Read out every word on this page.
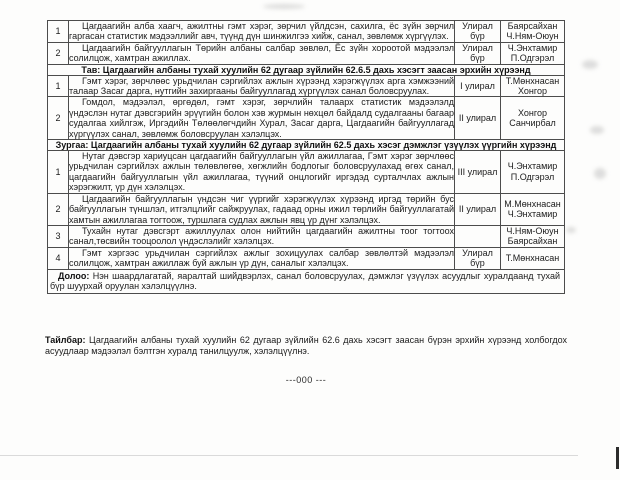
1	Цагдаагийн алба хаагч, ажилтны гэмт хэрэг, зөрчил үйлдсэн, сахилга, ёс зүйн зөрчил гаргасан статистик мэдээллийг авч, түүнд дүн шинжилгээ хийж, санал, зөвлөмж хүргүүлэх.	Улирал бүр	Баярсайхан Ч.Ням-Оюун
2	Цагдаагийн байгууллагын Төрийн албаны салбар зөвлөл, Ёс зүйн хороотой мэдээлэл солилцож, хамтран ажиллах.	Улирал бүр	Ч.Энхтамир П.Одгэрэл
Тав: Цагдаагийн албаны тухай хуулийн 62 дугаар зүйлийн 62.6.5 дахь хэсэгт заасан эрхийн хүрээнд			
1	Гэмт хэрэг, зөрчлөөс урьдчилан сэргийлэх ажлын хүрээнд хэрэгжүүлэх арга хэмжээний талаар Засаг дарга, нутгийн захиргааны байгууллагад хүргүүлэх санал боловсруулах.	I улирал	Т.Мөнхнасан Хонгор
2	Гомдол, мэдээлэл, өргөдөл, гэмт хэрэг, зөрчлийн талаарх статистик мэдээлэлд үндэслэн нутаг дэвсгэрийн эрүүгийн болон хэв журмын нөхцөл байдалд судалгааны багаар судалгаа хийлгэж, Иргэдийн Төлөөлөгчдийн Хурал, Засаг дарга, Цагдаагийн байгууллагад хүргүүлэх санал, зөвлөмж боловсруулан хэлэлцэх.	II улирал	Хонгор Санчирбал
Зургаа: Цагдаагийн албаны тухай хуулийн 62 дугаар зүйлийн 62.5 дахь хэсэг дэмжлэг үзүүлэх үүргийн хүрээнд			
1	Нутаг дэвсгэр хариуцсан цагдаагийн байгууллагын үйл ажиллагаа, Гэмт хэрэг зөрчлөөс урьдчилан сэргийлэх ажлын төлөвлөгөө, хөгжлийн бодлогыг боловсруулахад өгөх санал, цагдаагийн байгууллагын үйл ажиллагаа, түүний онцлогийг иргэдэд сурталчлах ажлын хэрэгжилт, үр дүн хэлэлцэх.	III улирал	Ч.Энхтамир П.Одгэрэл
2	Цагдаагийн байгууллагын үндсэн чиг үүргийг хэрэгжүүлэх хүрээнд иргэд төрийн бус байгууллагын түншлэл, итгэлцлийг сайжруулах, гадаад орны ижил төрлийн байгууллагатай хамтын ажиллагаа тогтоож, туршлага судлах ажлын явц үр дүнг хэлэлцэх.	II улирал	М.Мөнхнасан Ч.Энхтамир
3	Тухайн нутаг дэвсгэрт ажиллуулах олон нийтийн цагдаагийн ажилтны тоог тогтоох санал,төсвийн тооцоолол үндэслэлийг хэлэлцэх.		Ч.Ням-Оюун Баярсайхан
4	Гэмт хэргээс урьдчилан сэргийлэх ажлыг зохицуулах салбар зөвлөлтэй мэдээлэл солилцож, хамтран ажиллаж буй ажлын үр дүн, саналыг хэлэлцэх.	Улирал бүр	Т.Мөнхнасан

Долоо: Нэн шаардлагатай, яаралтай шийдвэрлэх, санал боловсруулах, дэмжлэг үзүүлэх асуудлыг хуралдаанд тухай бүр шуурхай оруулан хэлэлцүүлнэ.			

Тайлбар: Цагдаагийн албаны тухай хуулийн 62 дугаар зүйлийн 62.6 дахь хэсэгт заасан бүрэн эрхийн хүрээнд холбогдох асуудлаар мэдээлэл бэлтгэн хуралд танилцуулж, хэлэлцүүлнэ.

---000 ---
